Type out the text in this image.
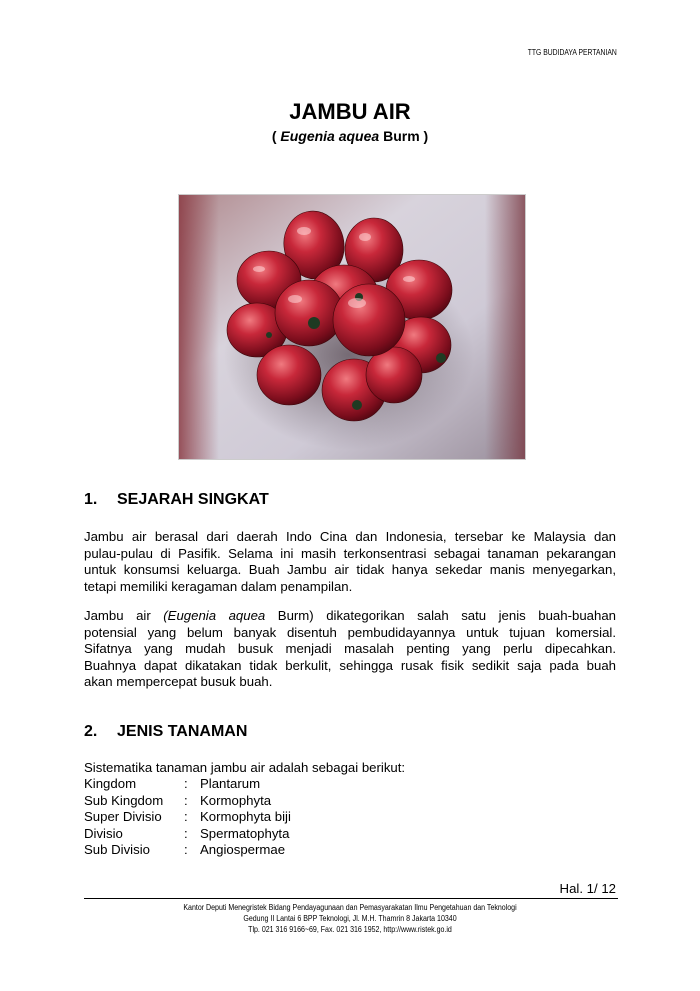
TTG BUDIDAYA PERTANIAN
JAMBU AIR
( Eugenia aquea Burm )
1. SEJARAH SINGKAT
Jambu air berasal dari daerah Indo Cina dan Indonesia, tersebar ke Malaysia dan
pulau-pulau di Pasifik. Selama ini masih terkonsentrasi sebagai tanaman pekarangan
untuk konsumsi keluarga. Buah Jambu air tidak hanya sekedar manis menyegarkan,
tetapi memiliki keragaman dalam penampilan.
Jambu air (Eugenia aquea Burm) dikategorikan salah satu jenis buah-buahan
potensial yang belum banyak disentuh pembudidayannya untuk tujuan komersial.
Sifatnya yang mudah busuk menjadi masalah penting yang perlu dipecahkan.
Buahnya dapat dikatakan tidak berkulit, sehingga rusak fisik sedikit saja pada buah
akan mempercepat busuk buah.
2. JENIS TANAMAN
Sistematika tanaman jambu air adalah sebagai berikut:
Kingdom	: Plantarum
Sub Kingdom	: Kormophyta
Super Divisio	: Kormophyta biji
Divisio	: Spermatophyta
Sub Divisio	: Angiospermae
Hal. 1/ 12
Kantor Deputi Menegristek Bidang Pendayagunaan dan Pemasyarakatan Ilmu Pengetahuan dan Teknologi
Gedung II Lantai 6 BPP Teknologi, Jl. M.H. Thamrin 8 Jakarta 10340
Tlp. 021 316 9166~69, Fax. 021 316 1952, http://www.ristek.go.id
